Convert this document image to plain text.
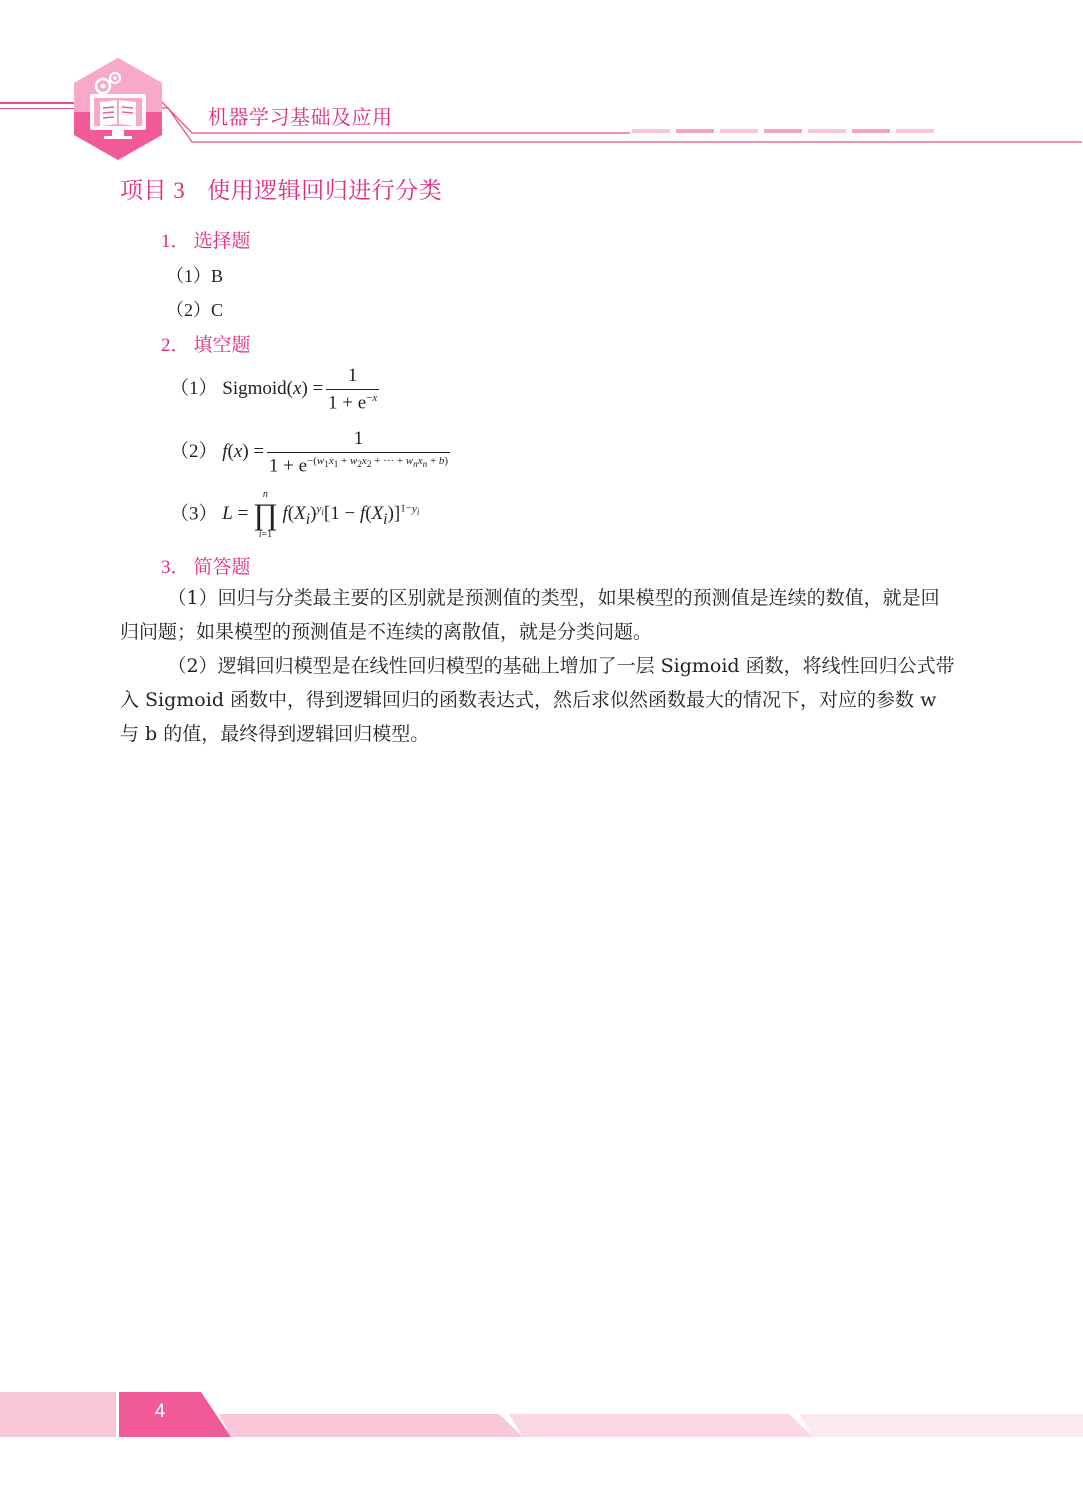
机器学习基础及应用
项目 3 使用逻辑回归进行分类
1． 选择题
（1）B
（2）C
2． 填空题
（1） Sigmoid(x) = $\frac{1}{1 + e^{-x}}$
（2） f(x) =
1
$1 + e^{-(w_1x_1 + w_2x_2 + \cdot\cdot\cdot + w_nx_n + b)}$
（3） L =
n
∏
i=1
$f(X_i)^{y_i}[1 - f(X_i)]^{1-y_i}$
3． 简答题

（1）回归与分类最主要的区别就是预测值的类型，如果模型的预测值是连续的数值，就是回归问题；如果模型的预测值是不连续的离散值，就是分类问题。

（2）逻辑回归模型是在线性回归模型的基础上增加了一层 Sigmoid 函数，将线性回归公式带入 Sigmoid 函数中，得到逻辑回归的函数表达式，然后求似然函数最大的情况下，对应的参数 w 与 b 的值，最终得到逻辑回归模型。

4
